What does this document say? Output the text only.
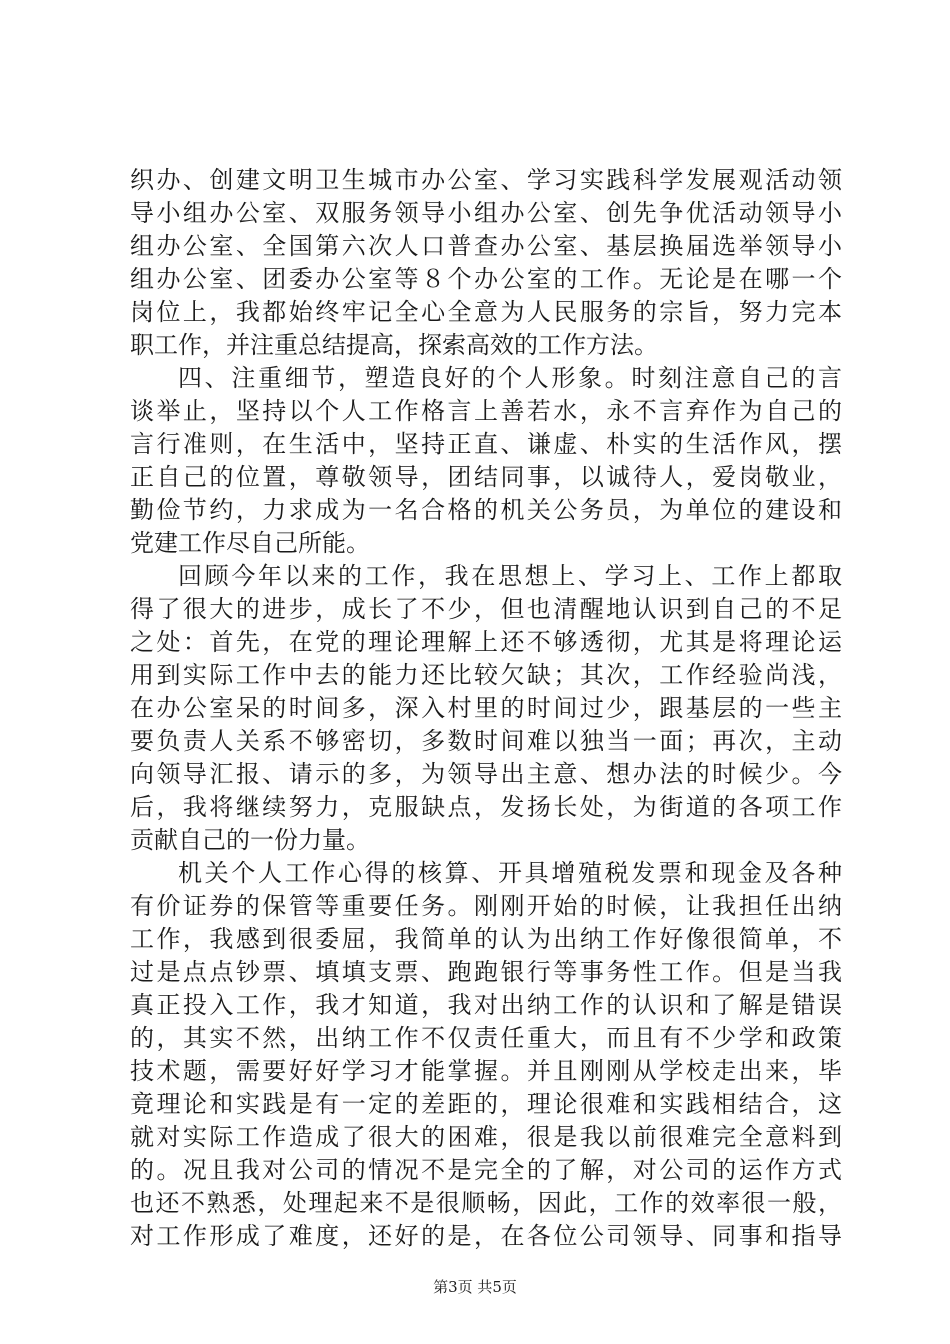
织办、创建文明卫生城市办公室、学习实践科学发展观活动领
导小组办公室、双服务领导小组办公室、创先争优活动领导小
组办公室、全国第六次人口普查办公室、基层换届选举领导小
组办公室、团委办公室等８个办公室的工作。无论是在哪一个
岗位上，我都始终牢记全心全意为人民服务的宗旨，努力完本
职工作，并注重总结提高，探索高效的工作方法。
四、注重细节，塑造良好的个人形象。时刻注意自己的言
谈举止，坚持以个人工作格言上善若水，永不言弃作为自己的
言行准则，在生活中，坚持正直、谦虚、朴实的生活作风，摆
正自己的位置，尊敬领导，团结同事，以诚待人，爱岗敬业，
勤俭节约，力求成为一名合格的机关公务员，为单位的建设和
党建工作尽自己所能。
回顾今年以来的工作，我在思想上、学习上、工作上都取
得了很大的进步，成长了不少，但也清醒地认识到自己的不足
之处：首先，在党的理论理解上还不够透彻，尤其是将理论运
用到实际工作中去的能力还比较欠缺；其次，工作经验尚浅，
在办公室呆的时间多，深入村里的时间过少，跟基层的一些主
要负责人关系不够密切，多数时间难以独当一面；再次，主动
向领导汇报、请示的多，为领导出主意、想办法的时候少。今
后，我将继续努力，克服缺点，发扬长处，为街道的各项工作
贡献自己的一份力量。
机关个人工作心得的核算、开具增殖税发票和现金及各种
有价证券的保管等重要任务。刚刚开始的时候，让我担任出纳
工作，我感到很委屈，我简单的认为出纳工作好像很简单，不
过是点点钞票、填填支票、跑跑银行等事务性工作。但是当我
真正投入工作，我才知道，我对出纳工作的认识和了解是错误
的，其实不然，出纳工作不仅责任重大，而且有不少学和政策
技术题，需要好好学习才能掌握。并且刚刚从学校走出来，毕
竟理论和实践是有一定的差距的，理论很难和实践相结合，这
就对实际工作造成了很大的困难，很是我以前很难完全意料到
的。况且我对公司的情况不是完全的了解，对公司的运作方式
也还不熟悉，处理起来不是很顺畅，因此，工作的效率很一般，
对工作形成了难度，还好的是，在各位公司领导、同事和指导
第3页 共5页
